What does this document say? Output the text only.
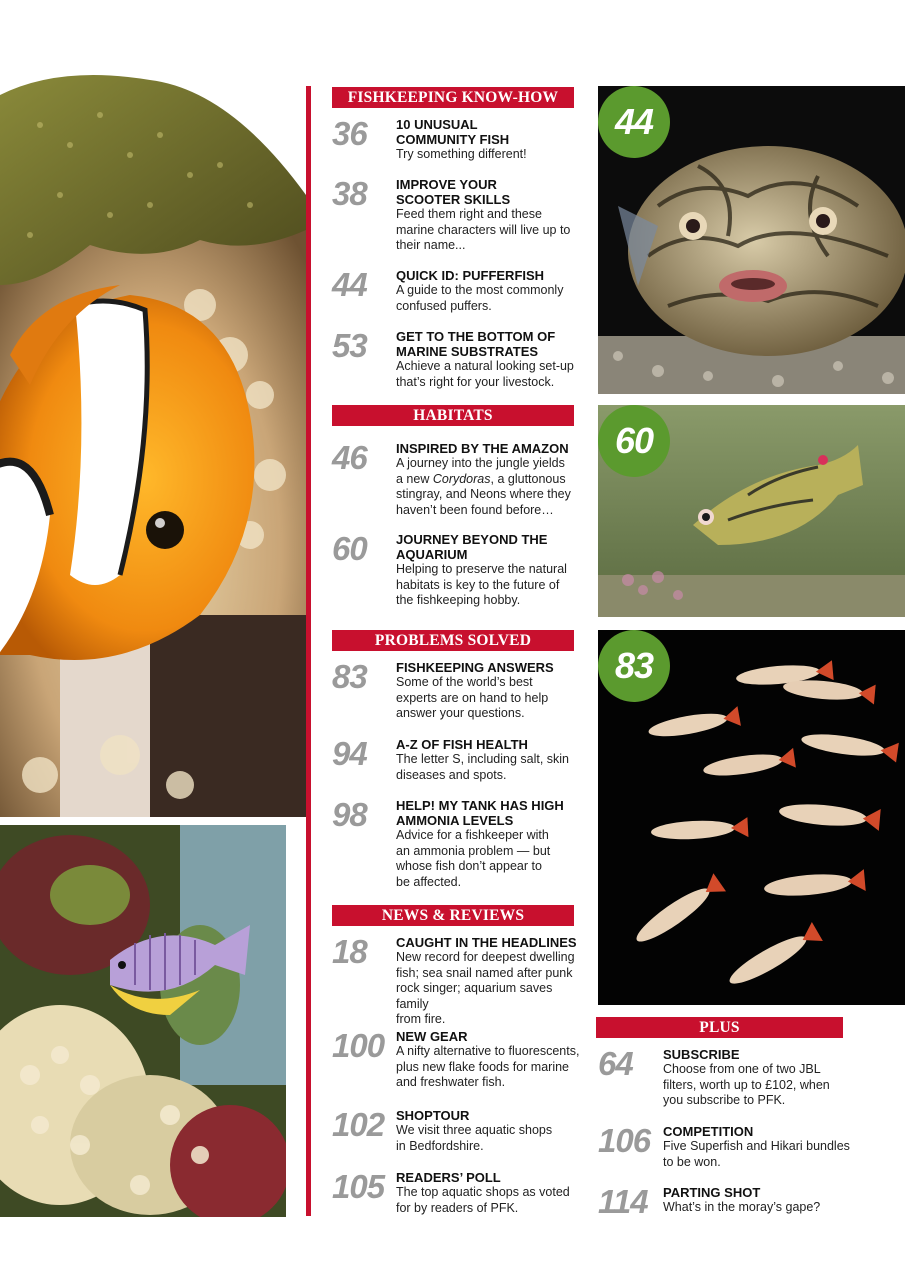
44
60
83
FISHKEEPING KNOW-HOW
HABITATS
PROBLEMS SOLVED
NEWS & REVIEWS
PLUS
36 10 UNUSUAL
COMMUNITY FISH
Try something different!
38 IMPROVE YOUR
SCOOTER SKILLS
Feed them right and these
marine characters will live up to
their name...
44 QUICK ID: PUFFERFISH
A guide to the most commonly
confused puffers.
53 GET TO THE BOTTOM OF
MARINE SUBSTRATES
Achieve a natural looking set-up
that’s right for your livestock.
46 INSPIRED BY THE AMAZON
A journey into the jungle yields
a new Corydoras, a gluttonous
stingray, and Neons where they
haven’t been found before…
60 JOURNEY BEYOND THE
AQUARIUM
Helping to preserve the natural
habitats is key to the future of
the fishkeeping hobby.
83 FISHKEEPING ANSWERS
Some of the world’s best
experts are on hand to help
answer your questions.
94 A-Z OF FISH HEALTH
The letter S, including salt, skin
diseases and spots.
98 HELP! MY TANK HAS HIGH
AMMONIA LEVELS
Advice for a fishkeeper with
an ammonia problem — but
whose fish don’t appear to
be affected.
18 CAUGHT IN THE HEADLINES
New record for deepest dwelling
fish; sea snail named after punk
rock singer; aquarium saves family
from fire.
100 NEW GEAR
A nifty alternative to fluorescents,
plus new flake foods for marine
and freshwater fish.
102 SHOPTOUR
We visit three aquatic shops
in Bedfordshire.
105 READERS’ POLL
The top aquatic shops as voted
for by readers of PFK.
64 SUBSCRIBE
Choose from one of two JBL
filters, worth up to £102, when
you subscribe to PFK.
106 COMPETITION
Five Superfish and Hikari bundles
to be won.
114 PARTING SHOT
What’s in the moray’s gape?
